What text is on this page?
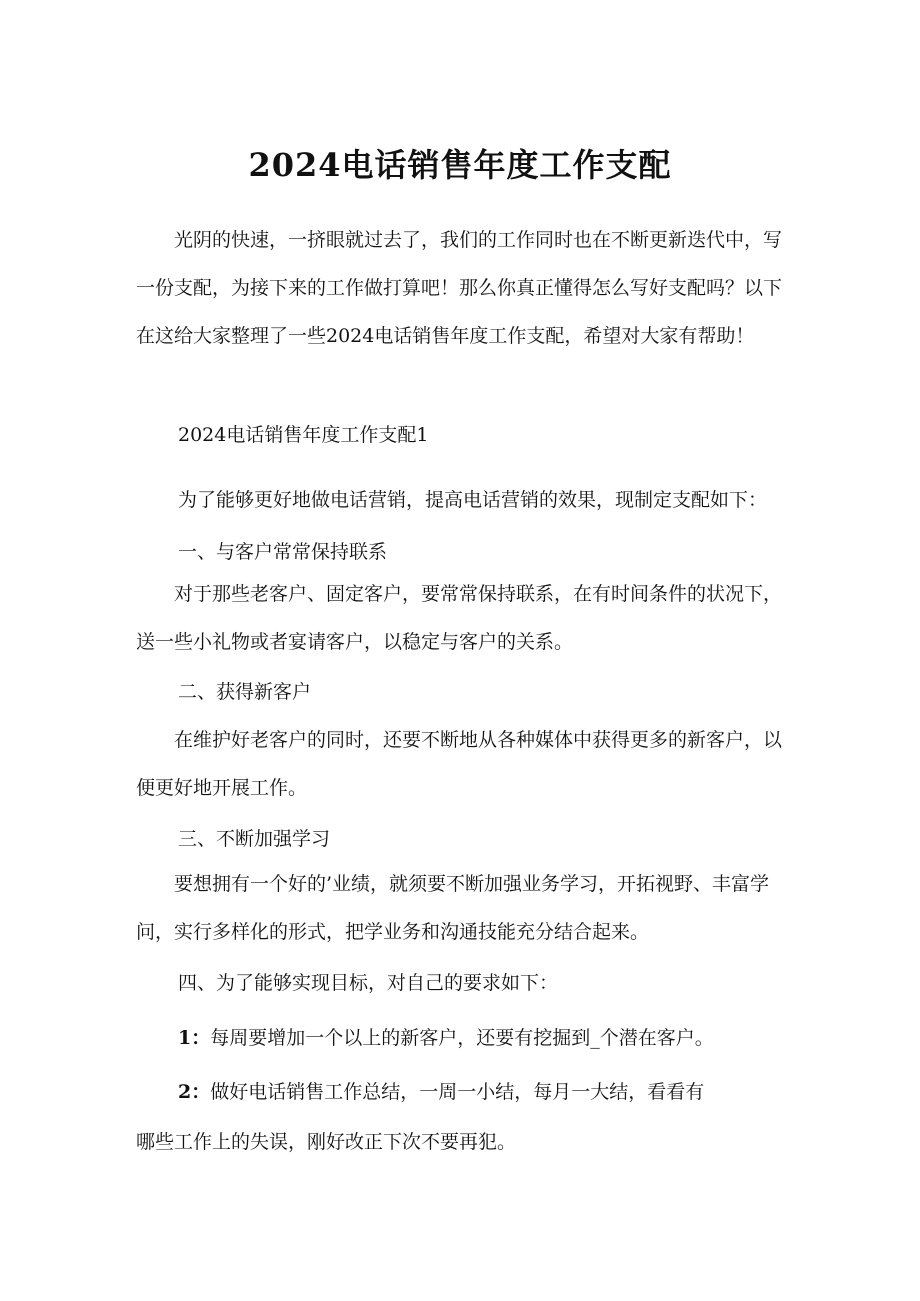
2024电话销售年度工作支配

光阴的快速，一挤眼就过去了，我们的工作同时也在不断更新迭代中，写一份支配，为接下来的工作做打算吧！那么你真正懂得怎么写好支配吗？以下在这给大家整理了一些2024电话销售年度工作支配，希望对大家有帮助！

2024电话销售年度工作支配1

为了能够更好地做电话营销，提高电话营销的效果，现制定支配如下：

一、与客户常常保持联系

对于那些老客户、固定客户，要常常保持联系，在有时间条件的状况下，送一些小礼物或者宴请客户，以稳定与客户的关系。

二、获得新客户

在维护好老客户的同时，还要不断地从各种媒体中获得更多的新客户，以便更好地开展工作。

三、不断加强学习

要想拥有一个好的’业绩，就须要不断加强业务学习，开拓视野、丰富学问，实行多样化的形式，把学业务和沟通技能充分结合起来。

四、为了能够实现目标，对自己的要求如下：

1：每周要增加一个以上的新客户，还要有挖掘到_个潜在客户。

2：做好电话销售工作总结，一周一小结，每月一大结，看看有

哪些工作上的失误，刚好改正下次不要再犯。
